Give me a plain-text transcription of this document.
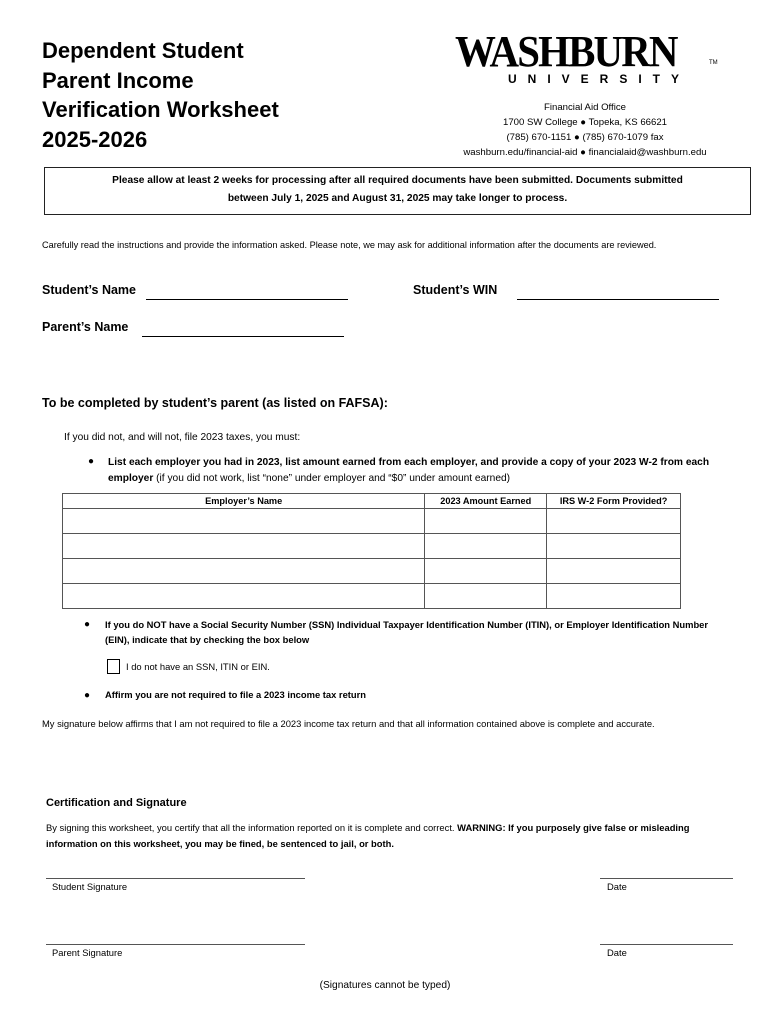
Dependent Student
Parent Income
Verification Worksheet
2025-2026
WASHBURN	TM
UNIVERSITY
Financial Aid Office
1700 SW College ● Topeka, KS 66621
(785) 670-1151 ● (785) 670-1079 fax
washburn.edu/financial-aid ● financialaid@washburn.edu
Please allow at least 2 weeks for processing after all required documents have been submitted. Documents submitted
between July 1, 2025 and August 31, 2025 may take longer to process.
Carefully read the instructions and provide the information asked. Please note, we may ask for additional information after the documents are reviewed.
Student’s Name	Student’s WIN
Parent’s Name
To be completed by student’s parent (as listed on FAFSA):
If you did not, and will not, file 2023 taxes, you must:
● List each employer you had in 2023, list amount earned from each employer, and provide a copy of your 2023 W-2 from each employer (if you did not work, list “none” under employer and “$0” under amount earned)
Employer’s Name	2023 Amount Earned	IRS W-2 Form Provided?

● If you do NOT have a Social Security Number (SSN) Individual Taxpayer Identification Number (ITIN), or Employer Identification Number (EIN), indicate that by checking the box below
I do not have an SSN, ITIN or EIN.
● Affirm you are not required to file a 2023 income tax return
My signature below affirms that I am not required to file a 2023 income tax return and that all information contained above is complete and accurate.
Certification and Signature
By signing this worksheet, you certify that all the information reported on it is complete and correct. WARNING: If you purposely give false or misleading information on this worksheet, you may be fined, be sentenced to jail, or both.
Student Signature	Date
Parent Signature	Date
(Signatures cannot be typed)
